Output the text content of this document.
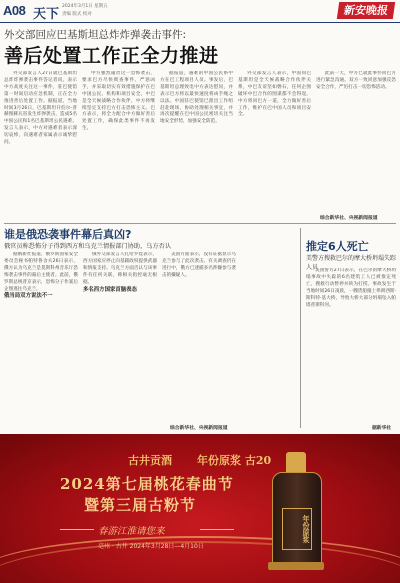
A08 天下
2024年3月1日 星期五
责编 版式 校对	新安晚报
外交部回应巴基斯坦总炸炸弹袭击事件:
善后处置工作正全力推进

外交部发言人27日就巴基斯坦总炸炸弹袭击事件答记者问。表示中方高度关注这一事件，驻巴使馆第一时间启动应急机制，正在全力推进善后处置工作。据报道，当地时间3月26日，巴基斯坦开伯尔-普赫图赫瓦省发生炸弹袭击，造成5名中国公民和1名巴基斯坦公民遇难。发言人表示，中方对遇难者表示深切哀悼，向遇难者家属表示诚挚慰问。

中方强烈谴责这一恐怖袭击，要求巴方尽快彻查事件、严惩凶手，并采取切实有效措施保护在巴中国公民、机构和项目安全。中巴是全天候战略合作伙伴，中方将继续坚定支持巴方打击恐怖主义。巴方表示，将全力配合中方做好善后处置工作，确保此类事件不再发生。

据报道，遇难的中国公民系中方在巴工程项目人员。事发后，巴基斯坦总理致电中方表达慰问，并表示巴方将以最快速度将凶手绳之以法。中国驻巴使馆已派出工作组赶赴现场，协助处理相关事宜，并再次提醒在巴中国公民密切关注当地安全形势，加强安全防范。

外交部发言人表示，中国同巴基斯坦是全天候战略合作伙伴关系，中巴友谊坚如磐石，任何企图破坏中巴合作的图谋都不会得逞。中方将同巴方一道，全力做好善后工作，维护在巴中国人员和项目安全。

此前一天，中方已就此事件同巴方进行紧急沟通。双方一致同意加强反恐安全合作，严厉打击一切恐怖活动。

综合新华社、央视新闻报道
谁是俄恐袭事件幕后真凶?
俄官员称恐怖分子得到西方和乌克兰情报部门协助，乌方否认

据俄新社报道，俄罗斯国家安全委员会秘书帕特鲁舍夫26日表示，俄方认为乌克兰是莫斯科州音乐厅恐怖袭击事件的幕后主使者。此前，俄罗斯总统普京表示，恐怖分子作案后企图逃往乌克兰。

俄当局双方说法不一

俄外交部发言人扎哈罗娃表示，西方国家应停止向基辅政权提供武器和情报支持。乌克兰方面否认与该事件有任何关联，称相关指控毫无根据。

多名西方国家首脑表态

美国方面表示，没有证据显示乌克兰参与了此次袭击。有关调查仍在进行中，俄方已逮捕多名涉嫌参与袭击的嫌疑人。

综合新华社、央视新闻报道
推定6人死亡
美警方搜救巴尔的摩大桥坍塌失踪人员

美国警方27日表示，在巴尔的摩大桥坍塌事故中失踪的6名建筑工人已被推定死亡，搜救行动暂停并转为打捞。事故发生于当地时间26日凌晨，一艘货船撞上弗朗西斯·斯科特·基大桥，导致大桥大部分坍塌坠入帕塔普斯科河。

据新华社
古井贡酒 年份原浆 古20
2024第七届桃花春曲节
暨第三届古粉节
春游江淮请您来
亳州 · 古井 2024年3月28日—4月10日
年份原浆
